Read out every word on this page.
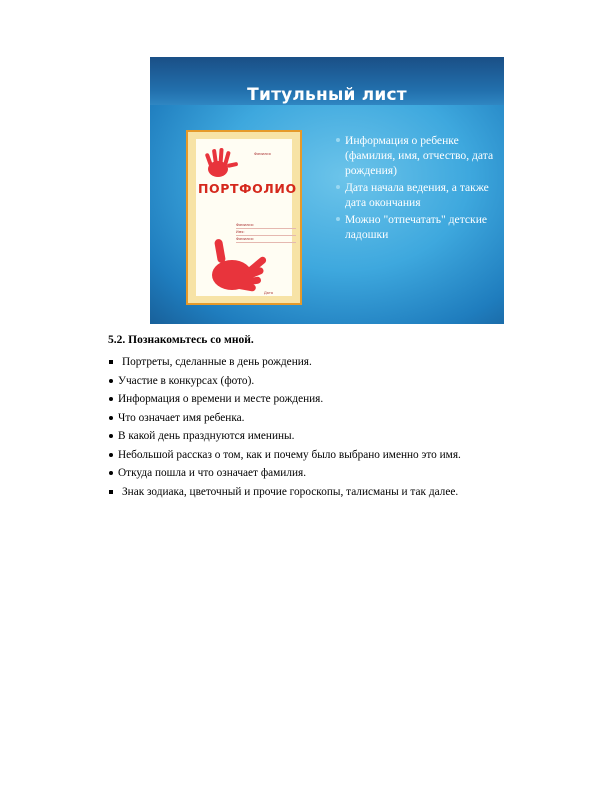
Титульный лист
Фамилия
ПОРТФОЛИО
Фамилия:
Имя:
Фамилия:
Дата
Информация о ребенке (фамилия, имя, отчество, дата рождения)
Дата начала ведения, а также дата окончания
Можно "отпечатать" детские ладошки
5.2. Познакомьтесь со мной.
Портреты, сделанные в день рождения.
Участие в конкурсах (фото).
Информация о времени и месте рождения.
Что означает имя ребенка.
В какой день празднуются именины.
Небольшой рассказ о том, как и почему было выбрано именно это имя.
Откуда пошла и что означает фамилия.
Знак зодиака, цветочный и прочие гороскопы, талисманы и так далее.
